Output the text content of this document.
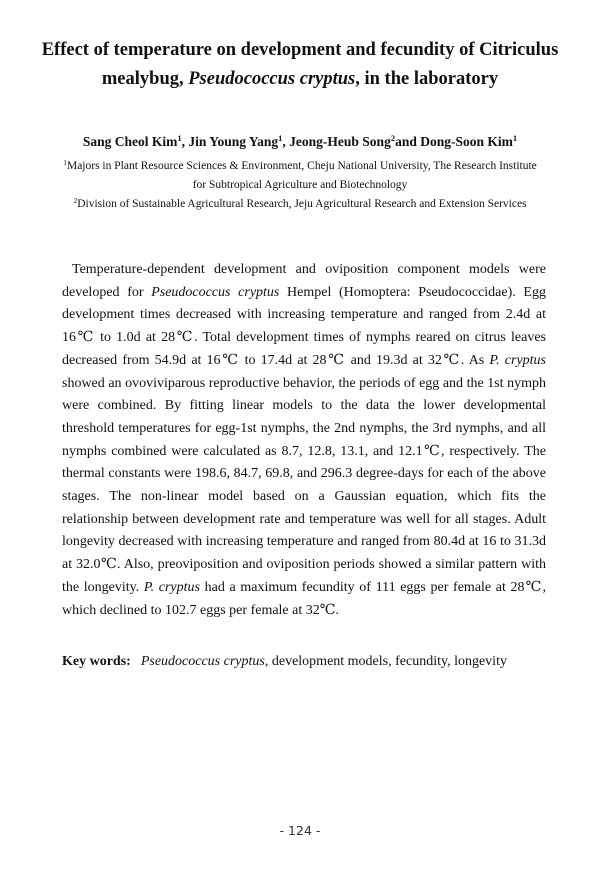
Effect of temperature on development and fecundity of Citriculus mealybug, Pseudococcus cryptus, in the laboratory
Sang Cheol Kim$^1$, Jin Young Yang$^1$, Jeong-Heub Song$^2$and Dong-Soon Kim$^1$
$^1$Majors in Plant Resource Sciences & Environment, Cheju National University, The Research Institute
for Subtropical Agriculture and Biotechnology
$^2$Division of Sustainable Agricultural Research, Jeju Agricultural Research and Extension Services

Temperature-dependent development and oviposition component models were developed for Pseudococcus cryptus Hempel (Homoptera: Pseudococcidae). Egg development times decreased with increasing temperature and ranged from 2.4d at 16℃ to 1.0d at 28℃. Total development times of nymphs reared on citrus leaves decreased from 54.9d at 16℃ to 17.4d at 28℃ and 19.3d at 32℃. As P. cryptus showed an ovoviviparous reproductive behavior, the periods of egg and the 1st nymph were combined. By fitting linear models to the data the lower developmental threshold temperatures for egg-1st nymphs, the 2nd nymphs, the 3rd nymphs, and all nymphs combined were calculated as 8.7, 12.8, 13.1, and 12.1℃, respectively. The thermal constants were 198.6, 84.7, 69.8, and 296.3 degree-days for each of the above stages. The non-linear model based on a Gaussian equation, which fits the relationship between development rate and temperature was well for all stages. Adult longevity decreased with increasing temperature and ranged from 80.4d at 16 to 31.3d at 32.0℃. Also, preoviposition and oviposition periods showed a similar pattern with the longevity. P. cryptus had a maximum fecundity of 111 eggs per female at 28℃, which declined to 102.7 eggs per female at 32℃.

Key words: Pseudococcus cryptus, development models, fecundity, longevity
- 124 -
